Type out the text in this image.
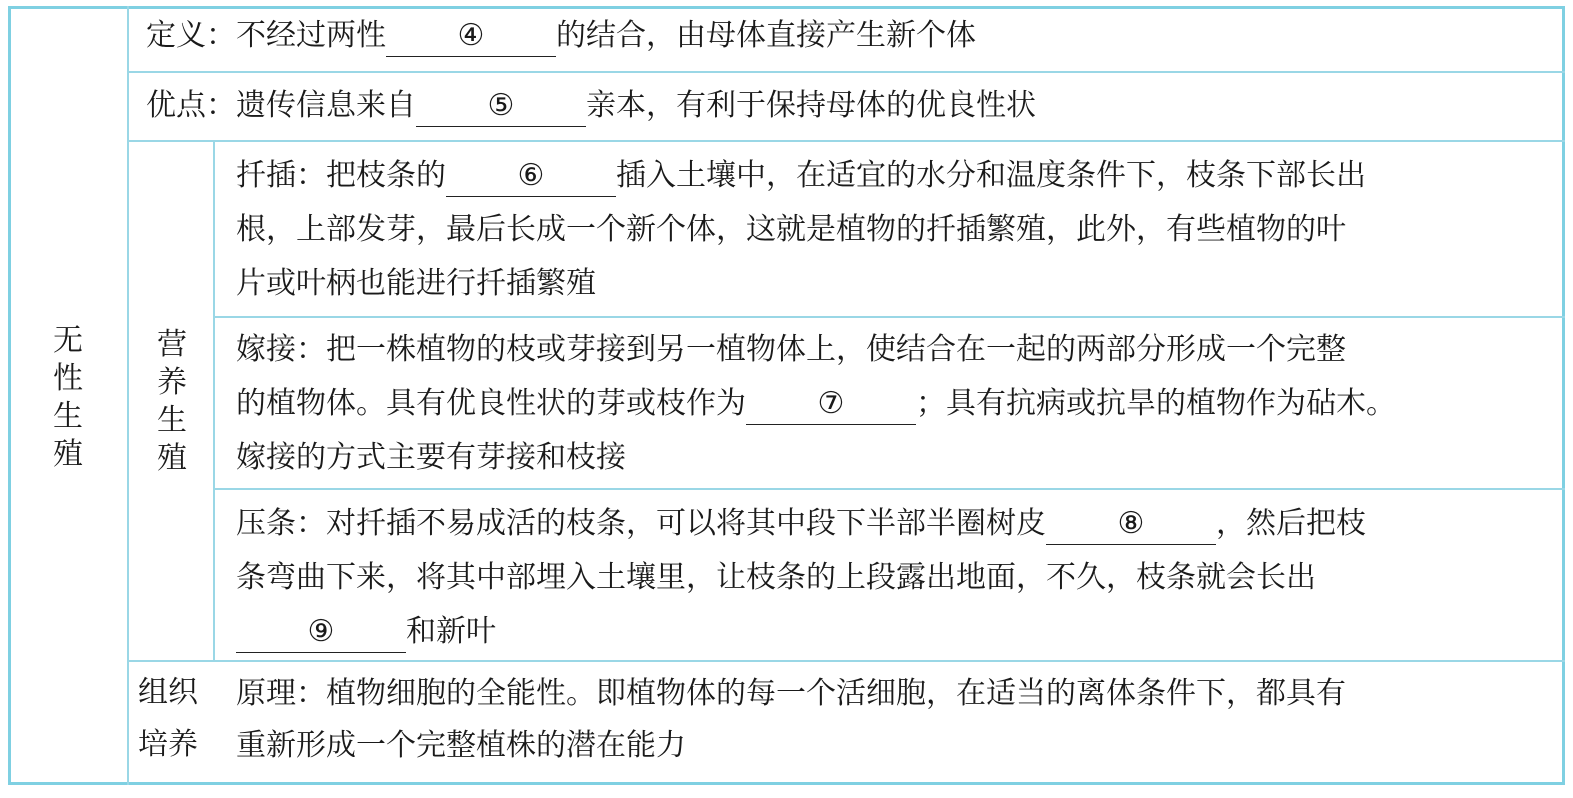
无性生殖
营养生殖
组织
培养
定义：不经过两性 ④ 的结合，由母体直接产生新个体
优点：遗传信息来自 ⑤ 亲本，有利于保持母体的优良性状
扦插：把枝条的 ⑥ 插入土壤中，在适宜的水分和温度条件下，枝条下部长出
根，上部发芽，最后长成一个新个体，这就是植物的扦插繁殖，此外，有些植物的叶
片或叶柄也能进行扦插繁殖
嫁接：把一株植物的枝或芽接到另一植物体上，使结合在一起的两部分形成一个完整
的植物体。具有优良性状的芽或枝作为 ⑦ ；具有抗病或抗旱的植物作为砧木。
嫁接的方式主要有芽接和枝接
压条：对扦插不易成活的枝条，可以将其中段下半部半圈树皮 ⑧ ，然后把枝
条弯曲下来，将其中部埋入土壤里，让枝条的上段露出地面，不久，枝条就会长出
⑨ 和新叶
原理：植物细胞的全能性。即植物体的每一个活细胞，在适当的离体条件下，都具有
重新形成一个完整植株的潜在能力
